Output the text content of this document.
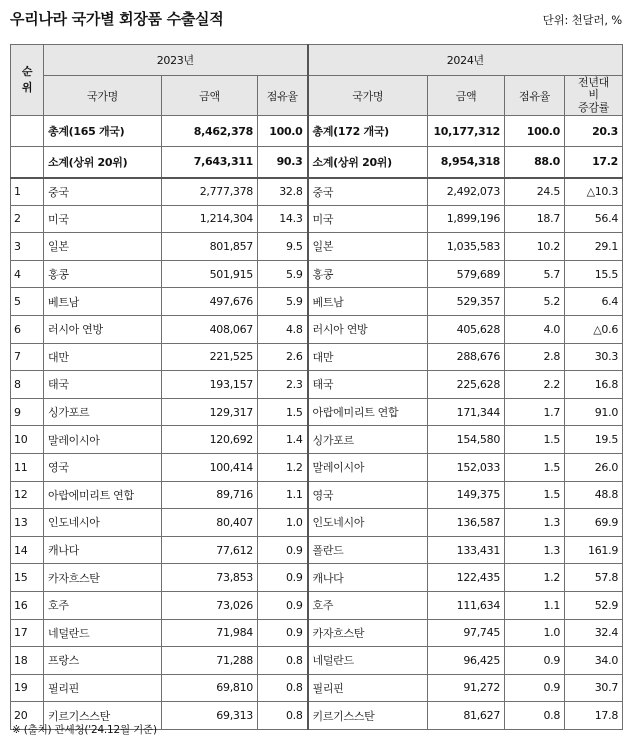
우리나라 국가별 회장품 수출실적	단위: 천달러, %
순
위	2023년			2024년			
	국가명	금액	점유율	국가명	금액	점유율	전년대
비
증감률
	총계(165 개국)	8,462,378	100.0	총계(172 개국)	10,177,312	100.0	20.3
	소계(상위 20위)	7,643,311	90.3	소계(상위 20위)	8,954,318	88.0	17.2
1	중국	2,777,378	32.8	중국	2,492,073	24.5	△10.3
2	미국	1,214,304	14.3	미국	1,899,196	18.7	56.4
3	일본	801,857	9.5	일본	1,035,583	10.2	29.1
4	홍콩	501,915	5.9	홍콩	579,689	5.7	15.5
5	베트남	497,676	5.9	베트남	529,357	5.2	6.4
6	러시아 연방	408,067	4.8	러시아 연방	405,628	4.0	△0.6
7	대만	221,525	2.6	대만	288,676	2.8	30.3
8	태국	193,157	2.3	태국	225,628	2.2	16.8
9	싱가포르	129,317	1.5	아랍에미리트 연합	171,344	1.7	91.0
10	말레이시아	120,692	1.4	싱가포르	154,580	1.5	19.5
11	영국	100,414	1.2	말레이시아	152,033	1.5	26.0
12	아랍에미리트 연합	89,716	1.1	영국	149,375	1.5	48.8
13	인도네시아	80,407	1.0	인도네시아	136,587	1.3	69.9
14	캐나다	77,612	0.9	폴란드	133,431	1.3	161.9
15	카자흐스탄	73,853	0.9	캐나다	122,435	1.2	57.8
16	호주	73,026	0.9	호주	111,634	1.1	52.9
17	네덜란드	71,984	0.9	카자흐스탄	97,745	1.0	32.4
18	프랑스	71,288	0.8	네덜란드	96,425	0.9	34.0
19	필리핀	69,810	0.8	필리핀	91,272	0.9	30.7
20	키르기스스탄	69,313	0.8	키르기스스탄	81,627	0.8	17.8
※ (출처) 관세청('24.12월 기준)
